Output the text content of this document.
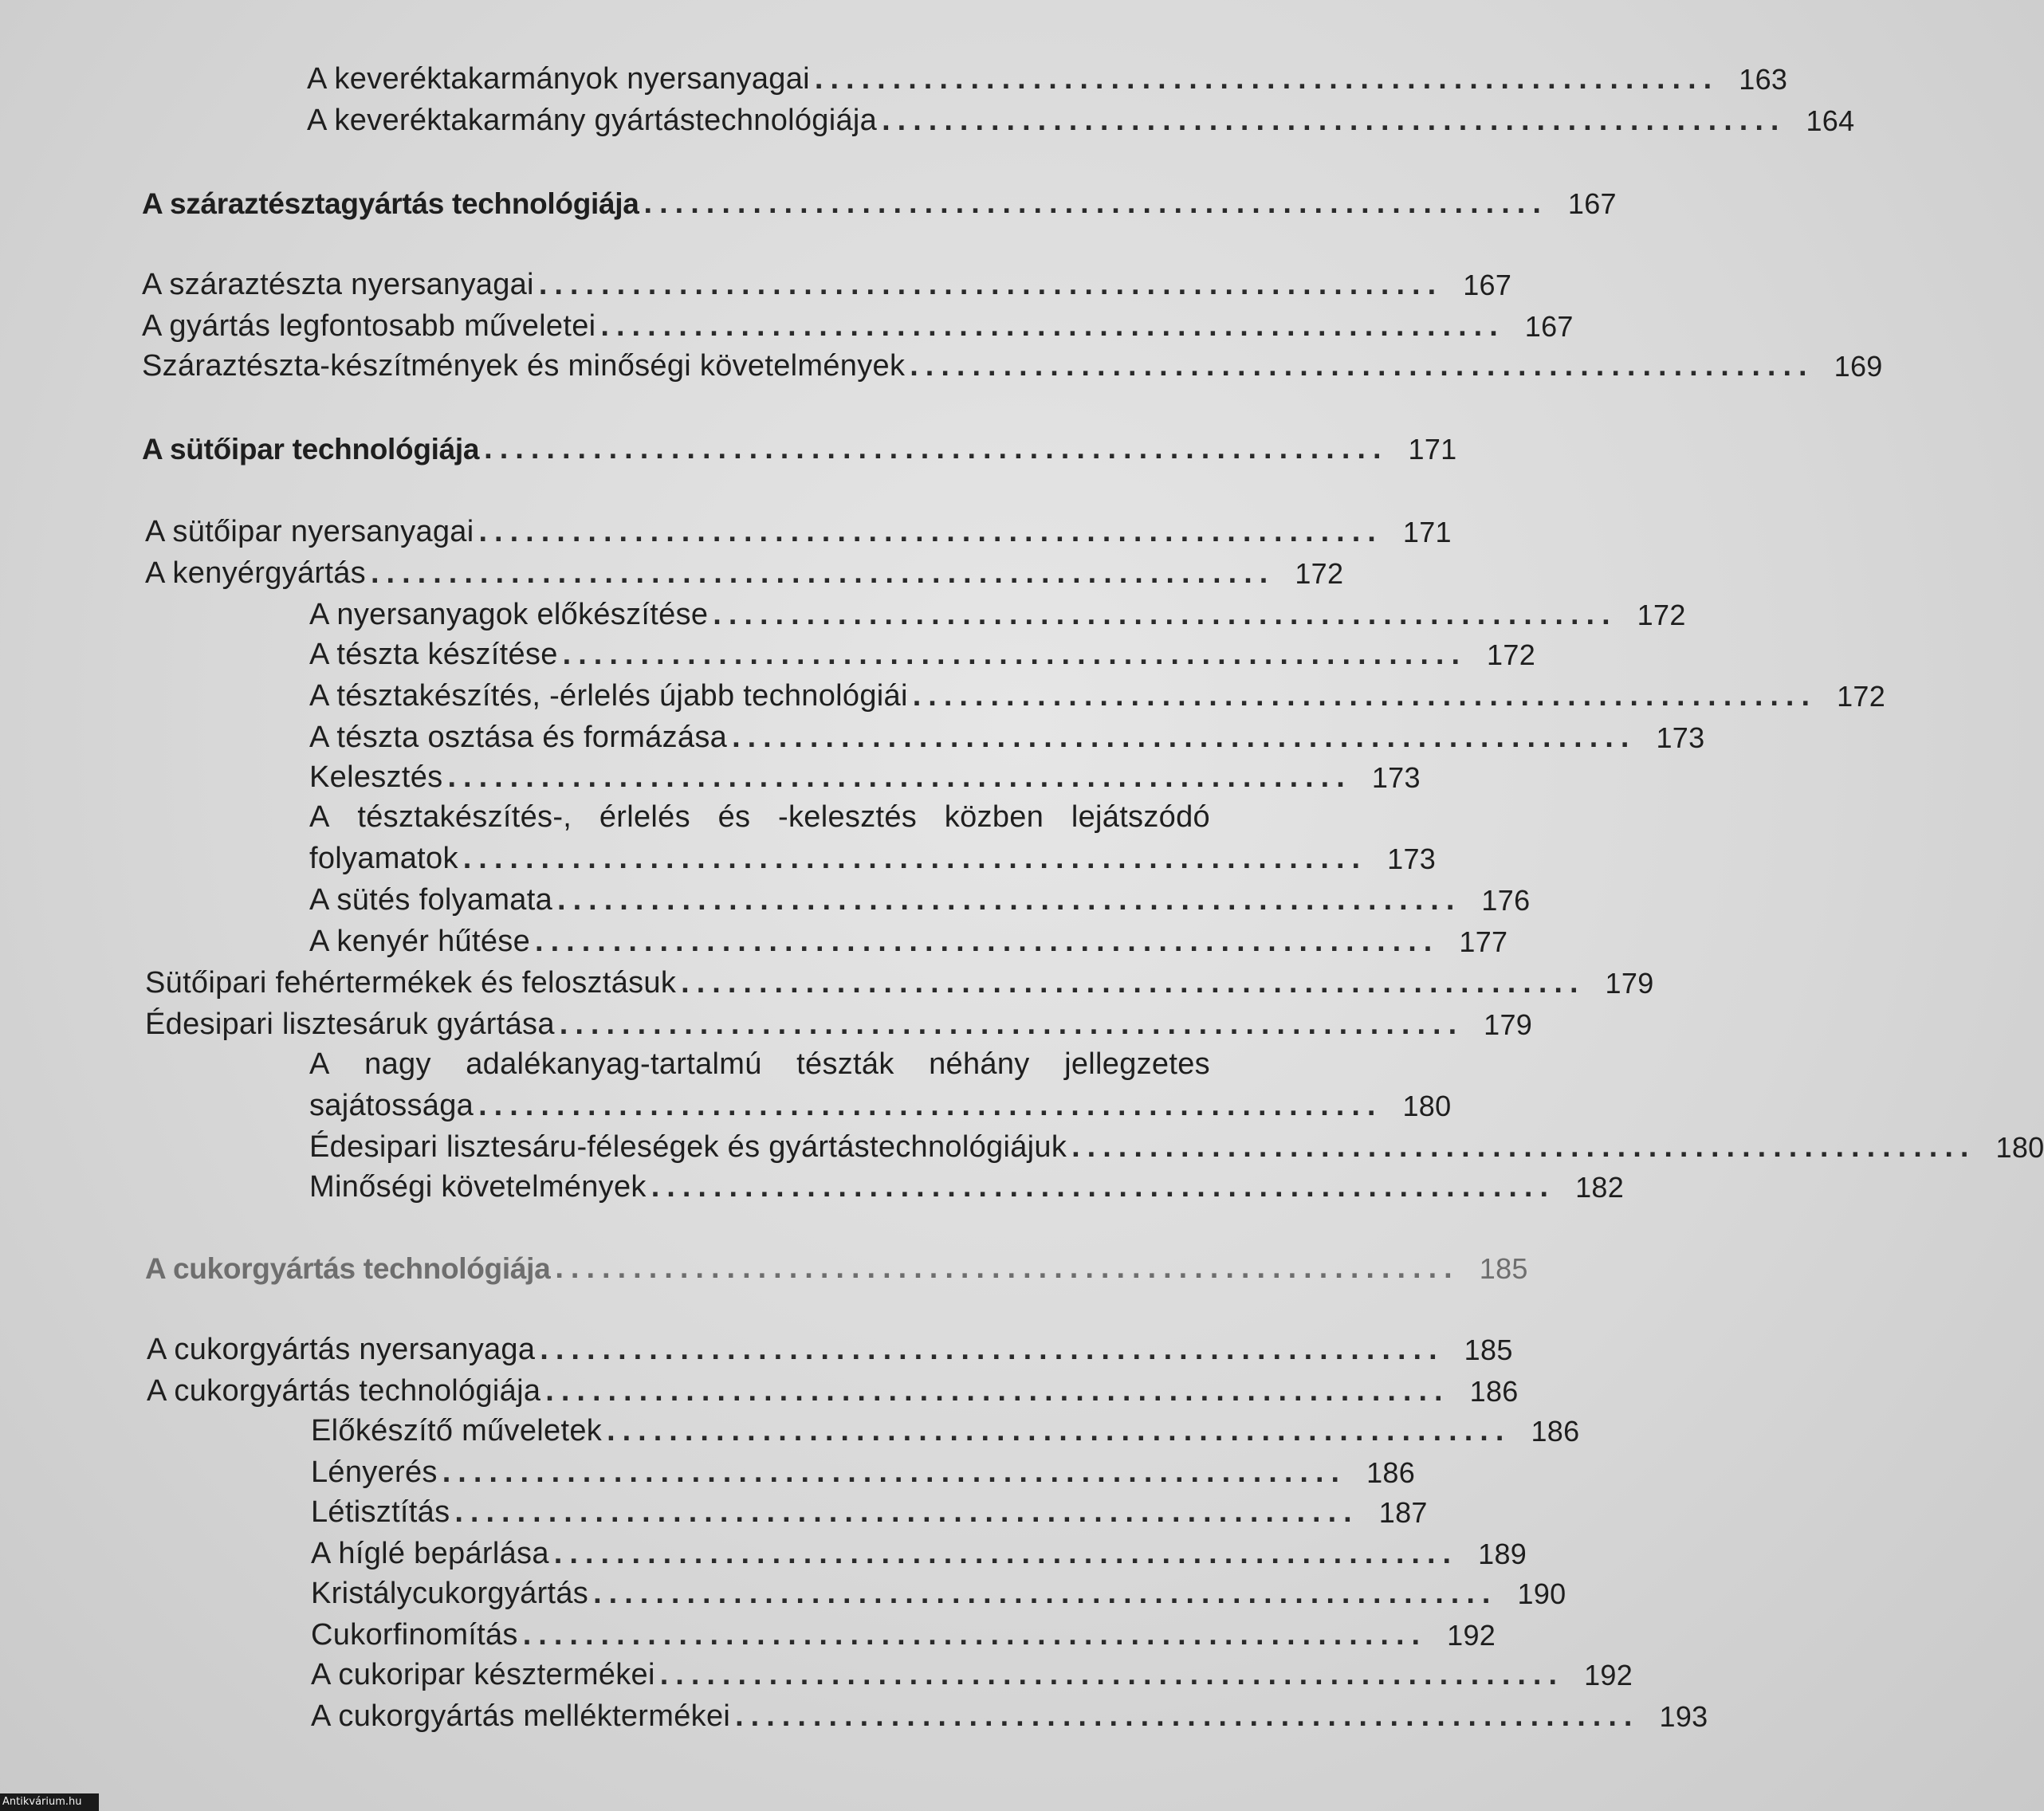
A keveréktakarmányok nyersanyagai .......................................................... 163
A keveréktakarmány gyártástechnológiája .......................................................... 164
A száraztésztagyártás technológiája .......................................................... 167
A száraztészta nyersanyagai .......................................................... 167
A gyártás legfontosabb műveletei .......................................................... 167
Száraztészta-készítmények és minőségi követelmények .......................................................... 169
A sütőipar technológiája .......................................................... 171
A sütőipar nyersanyagai .......................................................... 171
A kenyérgyártás .......................................................... 172
A nyersanyagok előkészítése .......................................................... 172
A tészta készítése .......................................................... 172
A tésztakészítés, -érlelés újabb technológiái .......................................................... 172
A tészta osztása és formázása .......................................................... 173
Kelesztés .......................................................... 173
A tésztakészítés-, érlelés és -kelesztés közben lejátszódó
folyamatok .......................................................... 173
A sütés folyamata .......................................................... 176
A kenyér hűtése .......................................................... 177
Sütőipari fehértermékek és felosztásuk .......................................................... 179
Édesipari lisztesáruk gyártása .......................................................... 179
A nagy adalékanyag-tartalmú tészták néhány jellegzetes
sajátossága .......................................................... 180
Édesipari lisztesáru-féleségek és gyártástechnológiájuk .......................................................... 180
Minőségi követelmények .......................................................... 182
A cukorgyártás technológiája .......................................................... 185
A cukorgyártás nyersanyaga .......................................................... 185
A cukorgyártás technológiája .......................................................... 186
Előkészítő műveletek .......................................................... 186
Lényerés .......................................................... 186
Létisztítás .......................................................... 187
A híglé bepárlása .......................................................... 189
Kristálycukorgyártás .......................................................... 190
Cukorfinomítás .......................................................... 192
A cukoripar késztermékei .......................................................... 192
A cukorgyártás melléktermékei .......................................................... 193
Antikvárium.hu
